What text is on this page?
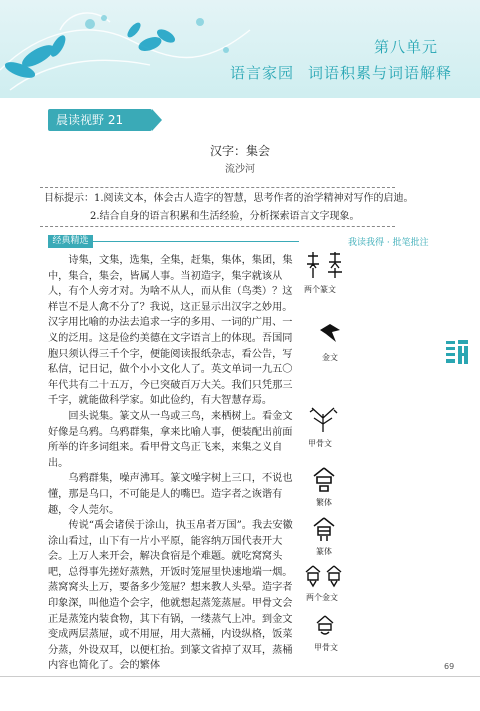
第八单元
语言家园 词语积累与词语解释
晨读视野 21
汉字：集会
流沙河
目标提示：1.阅读文本，体会古人造字的智慧，思考作者的治学精神对写作的启迪。
2.结合自身的语言积累和生活经验，分析探索语言文字现象。
经典精选	我读我得 · 批笔批注

诗集，文集，选集，全集，赶集，集体，集团，集中，集合，集会，皆属人事。当初造字，集字就该从人，有个人旁才对。为啥不从人，而从隹（鸟类）？这样岂不是人禽不分了？我说，这正显示出汉字之妙用。汉字用比喻的办法去追求一字的多用、一词的广用、一义的泛用。这是俭约美德在文字语言上的体现。吾国同胞只须认得三千个字，便能阅读报纸杂志，看公告，写私信，记日记，做个小小文化人了。英文单词一九五〇年代共有二十五万，今已突破百万大关。我们只凭那三千字，就能做科学家。如此俭约，有大智慧存焉。

回头说集。篆文从一鸟或三鸟，来栖树上。看金文好像是乌鸦。乌鸦群集，拿来比喻人事，便装配出前面所举的许多词组来。看甲骨文鸟正飞来，来集之义自出。

乌鸦群集，噪声沸耳。篆文噪字树上三口，不说也懂，那是乌口，不可能是人的嘴巴。造字者之诙谐有趣，令人莞尔。

传说“禹会诸侯于涂山，执玉帛者万国”。我去安徽涂山看过，山下有一片小平原，能容纳万国代表开大会。上万人来开会，解决食宿是个难题。就吃窝窝头吧，总得事先搓好蒸熟，开饭时笼屉里快速地端一烟。蒸窝窝头上万，要备多少笼屉？想来教人头晕。造字者印象深，叫他造个会字，他就想起蒸笼蒸屉。甲骨文会正是蒸笼内装食物，其下有锅，一缕蒸气上冲。到金文变成两层蒸屉，或不用屉，用大蒸桶，内设纵格，饭菜分蒸，外设双耳，以便杠抬。到篆文省掉了双耳，蒸桶内容也简化了。会的繁体

两个篆文
金文
甲骨文
繁体
篆体
两个金文
甲骨文
69
